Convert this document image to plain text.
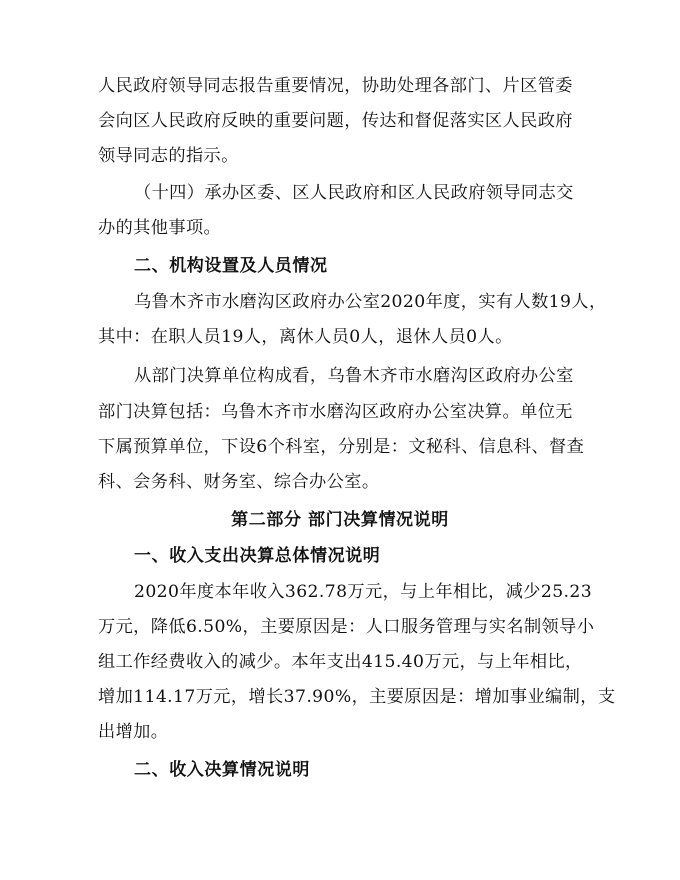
人民政府领导同志报告重要情况，协助处理各部门、片区管委
会向区人民政府反映的重要问题，传达和督促落实区人民政府
领导同志的指示。
（十四）承办区委、区人民政府和区人民政府领导同志交
办的其他事项。
二、机构设置及人员情况
乌鲁木齐市水磨沟区政府办公室2020年度，实有人数19人，
其中：在职人员19人，离休人员0人，退休人员0人。
从部门决算单位构成看，乌鲁木齐市水磨沟区政府办公室
部门决算包括：乌鲁木齐市水磨沟区政府办公室决算。单位无
下属预算单位，下设6个科室，分别是：文秘科、信息科、督查
科、会务科、财务室、综合办公室。
第二部分 部门决算情况说明
一、收入支出决算总体情况说明
2020年度本年收入362.78万元，与上年相比，减少25.23
万元，降低6.50%，主要原因是：人口服务管理与实名制领导小
组工作经费收入的减少。本年支出415.40万元，与上年相比，
增加114.17万元，增长37.90%，主要原因是：增加事业编制，支
出增加。
二、收入决算情况说明
